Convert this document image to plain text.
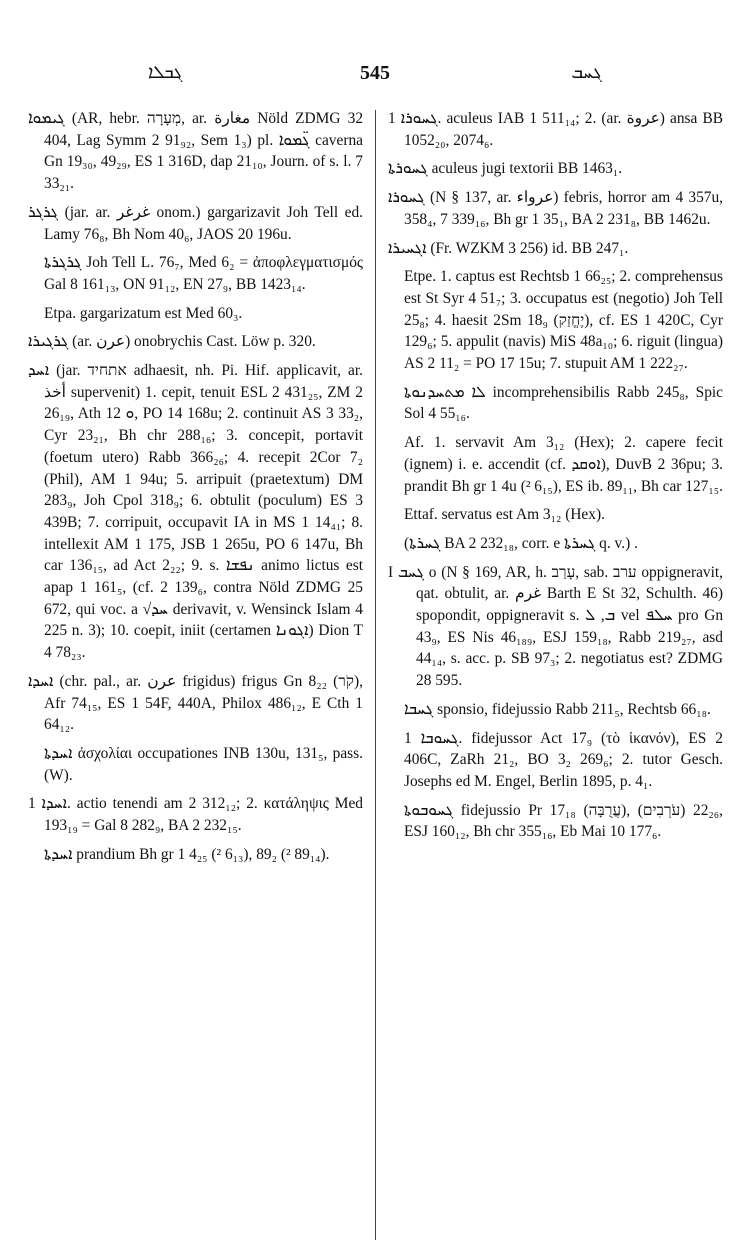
ܓܒܠܐ	545	ܓܚܒ

ܓܝܡܘܐ (AR, hebr. מְעָרָה, ar. مغارة Nöld ZDMG 32 404, Lag Symm 2 91₉₂, Sem 1₃) pl. ܓ̈ܡܘܐ caverna Gn 19₃₀, 49₂₉, ES 1 316D, dap 21₁₀, Journ. of s. l. 7 33₂₁.

ܓܪܓܪ (jar. ar. غرغر onom.) gargarizavit Joh Tell ed. Lamy 76₈, Bh Nom 40₆, JAOS 20 196u.

ܓܪܓܪܬܐ Joh Tell L. 76₇, Med 6₂ = ἀποφλεγματισμός Gal 8 161₁₃, ON 91₁₂, EN 27₉, BB 1423₁₄.

Etpa. gargarizatum est Med 60₃.

ܓܪܓܝܪܐ (ar. عرن) onobrychis Cast. Löw p. 320.

ܐܚܕ (jar. אתחיד adhaesit, nh. Pi. Hif. applicavit, ar. أخذ supervenit) 1. cepit, tenuit ESL 2 431₂₅, ZM 2 26₁₉, Ath ܘ 12, PO 14 168u; 2. continuit AS 3 33₂, Cyr 23₂₁, Bh chr 288₁₆; 3. concepit, portavit (foetum utero) Rabb 366₂₆; 4. recepit 2Cor 7₂ (Phil), AM 1 94u; 5. arripuit (praetextum) DM 283₉, Joh Cpol 318₉; 6. obtulit (poculum) ES 3 439B; 7. corripuit, occupavit IA in MS 1 14₄₁; 8. intellexit AM 1 175, JSB 1 265u, PO 6 147u, Bh car 136₁₅, ad Act 2₂₂; 9. s. ܢܦܫܐ animo lictus est apap 1 161₅, (cf. 2 139₆, contra Nöld ZDMG 25 672, qui voc. a √ܚܕ derivavit, v. Wensinck Islam 4 225 n. 3); 10. coepit, iniit (certamen ܐܓܘܢܐ) Dion T 4 78₂₃.

ܐܚܕܐ (chr. pal., ar. عرن frigidus) frigus Gn 8₂₂ (קֹר), Afr 74₁₅, ES 1 54F, 440A, Philox 486₁₂, E Cth 1 64₁₂.

ܐܚܕܬܐ ἀσχολίαι occupationes INB 130u, 131₅, pass. (W).

ܐܚܕܐ 1. actio tenendi am 2 312₁₂; 2. κατάληψις Med 193₁₉ = Gal 8 282₉, BA 2 232₁₅.

ܐܚܕܬܐ prandium Bh gr 1 4₂₅ (² 6₁₃), 89₂ (² 89₁₄).

ܓܚܘܪܐ 1. aculeus IAB 1 511₁₄; 2. (ar. عروة) ansa BB 1052₂₀, 2074₆.

ܓܚܘܪܬܐ aculeus jugi textorii BB 1463₁.

ܓܚܘܪܐ (N § 137, ar. عرواء) febris, horror am 4 357u, 358₄, 7 339₁₆, Bh gr 1 35₁, BA 2 231₈, BB 1462u.

ܐܓܚܝܪܐ (Fr. WZKM 3 256) id. BB 247₁.

Etpe. 1. captus est Rechtsb 1 66₂₅; 2. comprehensus est St Syr 4 51₇; 3. occupatus est (negotio) Joh Tell 25₈; 4. haesit 2Sm 18₉ (יֶחֱזַק), cf. ES 1 420C, Cyr 129₆; 5. appulit (navis) MiS 48a₁₀; 6. riguit (lingua) AS 2 11₂ = PO 17 15u; 7. stupuit AM 1 222₂₇.

ܠܐ ܡܬܚܕܢܘܬܐ incomprehensibilis Rabb 245₈, Spic Sol 4 55₁₆.

Af. 1. servavit Am 3₁₂ (Hex); 2. capere fecit (ignem) i. e. accendit (cf. ܐܘܩܕ), DuvB 2 36pu; 3. prandit Bh gr 1 4u (² 6₁₅), ES ib. 89₁₁, Bh car 127₁₅.

Ettaf. servatus est Am 3₁₂ (Hex).

(ܓܚܪܬܐ BA 2 232₁₈, corr. e ܓܚܪܬܐ q. v.) .

I ܓܚܒ o (N § 169, AR, h. עָרַב, sab. ערב oppigneravit, qat. obtulit, ar. غرم Barth E St 32, Schulth. 46) spopondit, oppigneravit s. ܒ, ܠ vel ܚܠܦ pro Gn 43₉, ES Nis 46₁₈₉, ESJ 159₁₈, Rabb 219₂₇, asd 44₁₄, s. acc. p. SB 97₃; 2. negotiatus est? ZDMG 28 595.

ܓܚܒܐ sponsio, fidejussio Rabb 211₅, Rechtsb 66₁₈.

ܓܚܘܒܐ 1. fidejussor Act 17₉ (τὸ ἱκανόν), ES 2 406C, ZaRh 21₂, BO 3₂ 269₆; 2. tutor Gesch. Josephs ed M. Engel, Berlin 1895, p. 4₁.

ܓܚܘܒܘܬܐ fidejussio Pr 17₁₈ (עֲרֻבָּה), 22₂₆ (עֹרְבִים), ESJ 160₁₂, Bh chr 355₁₆, Eb Mai 10 177₆.
